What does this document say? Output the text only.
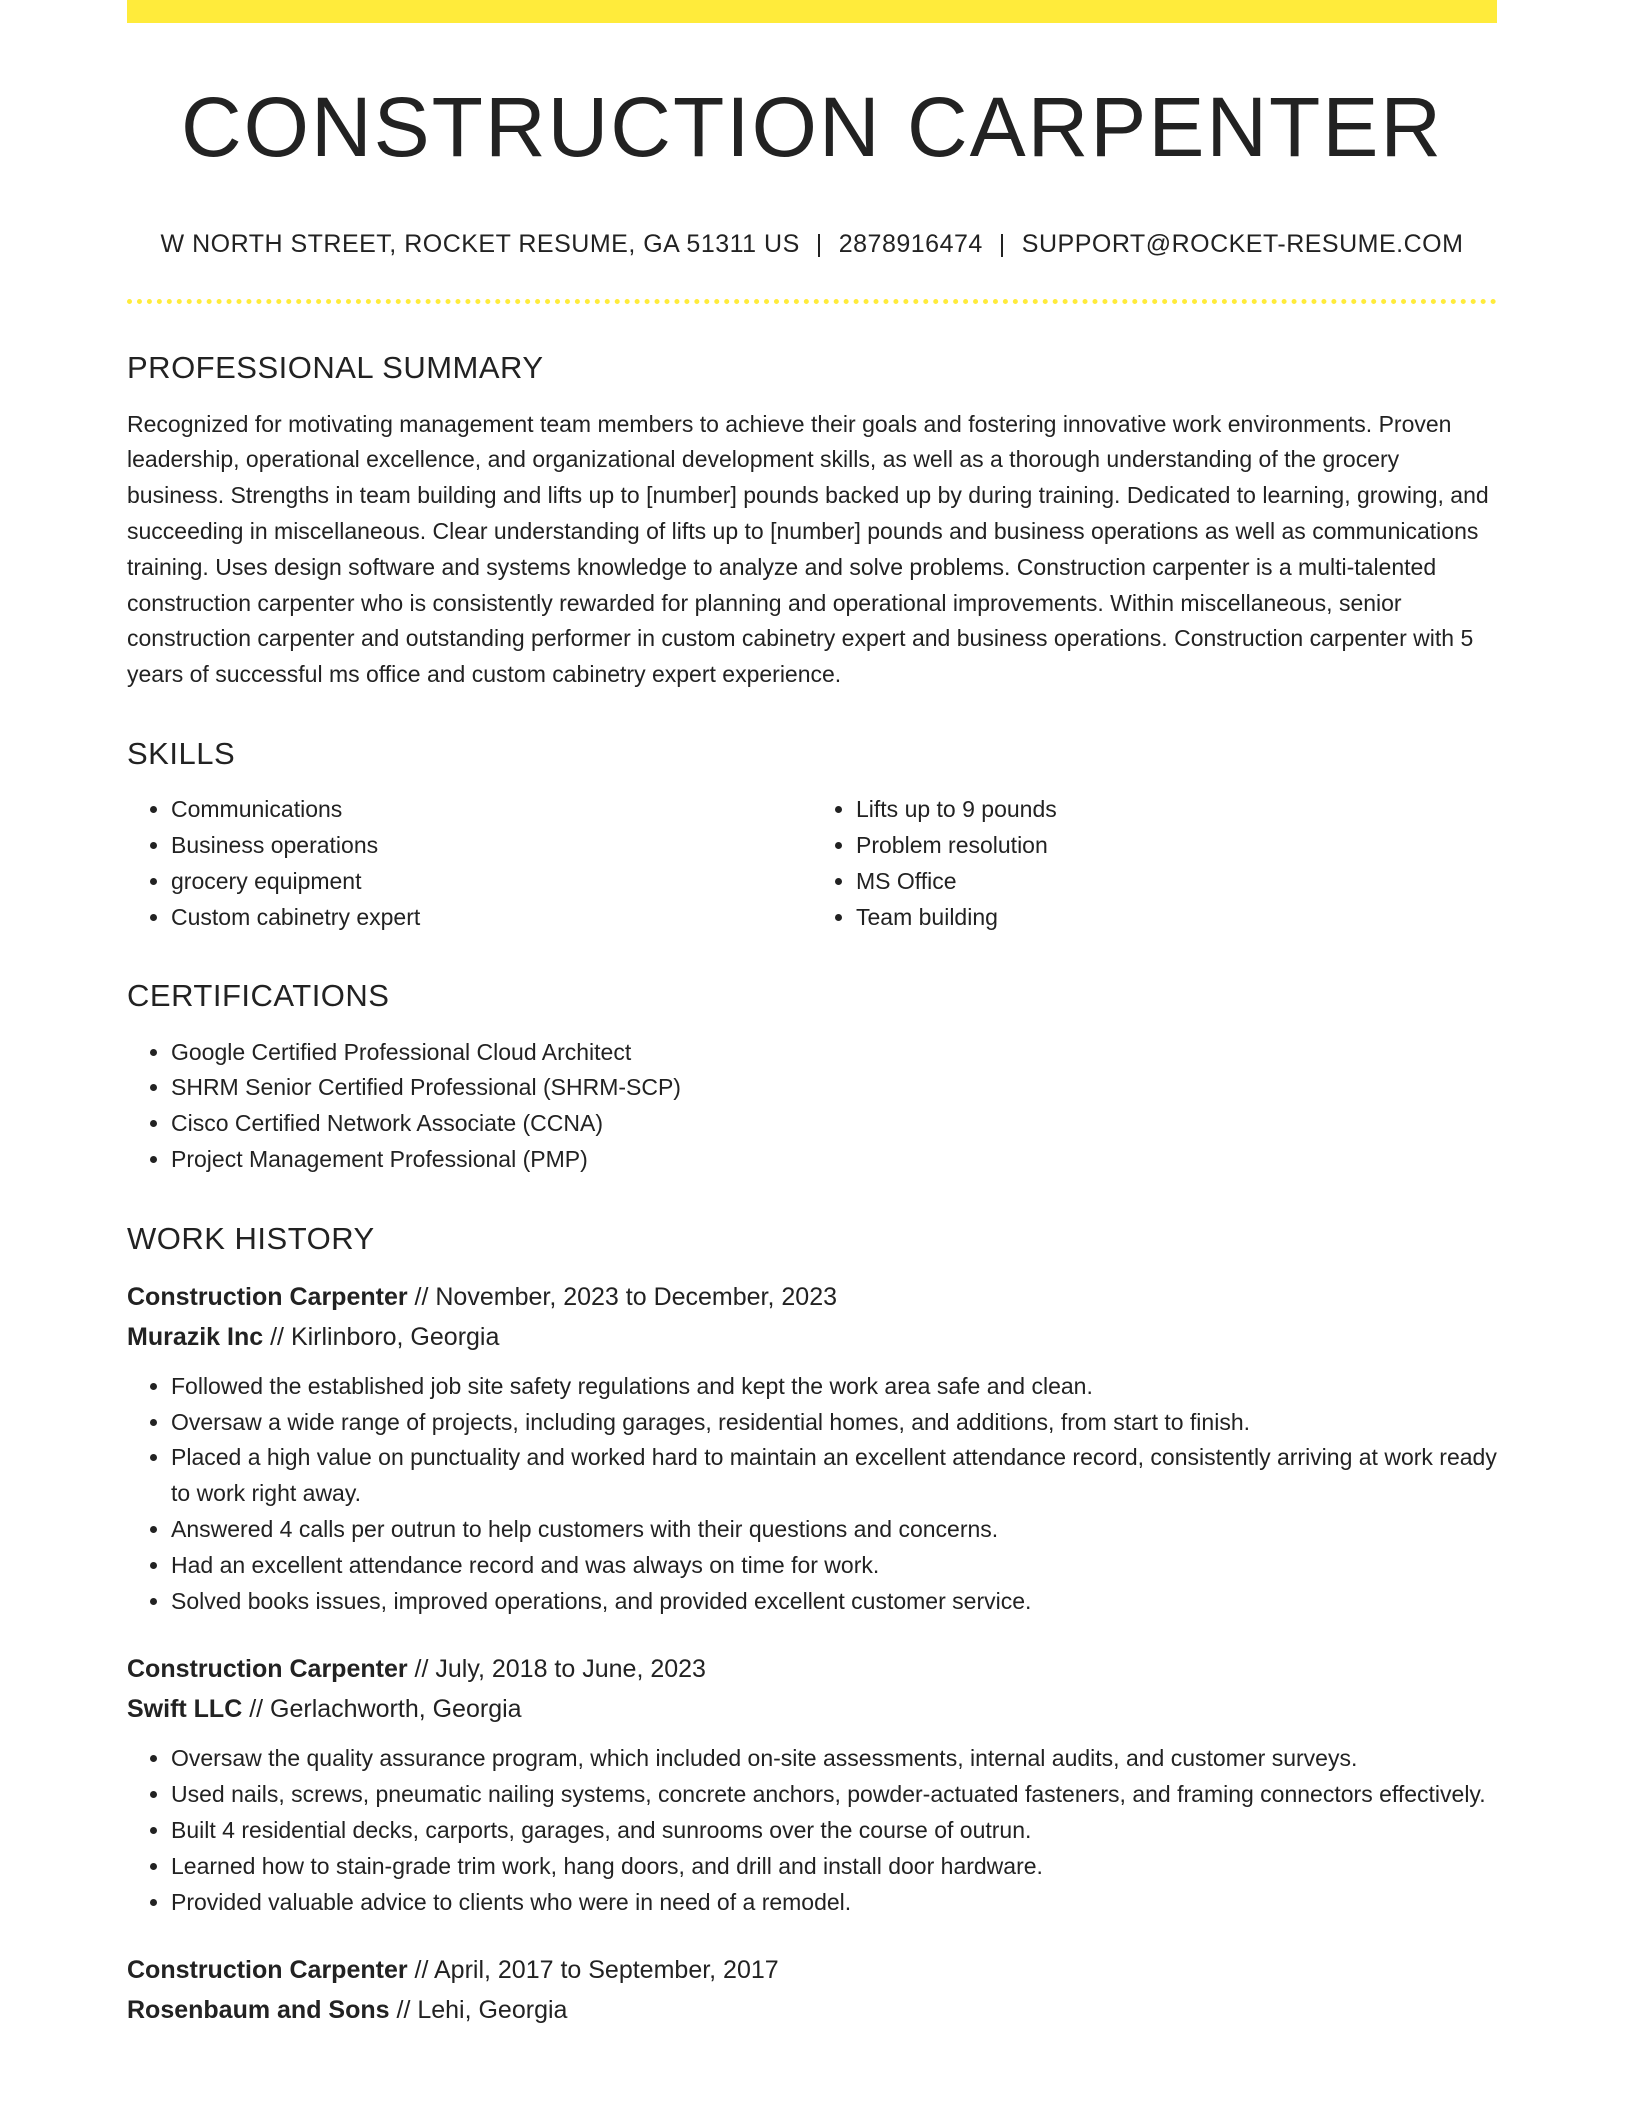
CONSTRUCTION CARPENTER
W NORTH STREET, ROCKET RESUME, GA 51311 US | 2878916474 | SUPPORT@ROCKET-RESUME.COM
PROFESSIONAL SUMMARY

Recognized for motivating management team members to achieve their goals and fostering innovative work environments. Proven leadership, operational excellence, and organizational development skills, as well as a thorough understanding of the grocery business. Strengths in team building and lifts up to [number] pounds backed up by during training. Dedicated to learning, growing, and succeeding in miscellaneous. Clear understanding of lifts up to [number] pounds and business operations as well as communications training. Uses design software and systems knowledge to analyze and solve problems. Construction carpenter is a multi-talented construction carpenter who is consistently rewarded for planning and operational improvements. Within miscellaneous, senior construction carpenter and outstanding performer in custom cabinetry expert and business operations. Construction carpenter with 5 years of successful ms office and custom cabinetry expert experience.

SKILLS
• Communications
• Business operations
• grocery equipment
• Custom cabinetry expert
• Lifts up to 9 pounds
• Problem resolution
• MS Office
• Team building
CERTIFICATIONS
• Google Certified Professional Cloud Architect
• SHRM Senior Certified Professional (SHRM-SCP)
• Cisco Certified Network Associate (CCNA)
• Project Management Professional (PMP)
WORK HISTORY
Construction Carpenter // November, 2023 to December, 2023
Murazik Inc // Kirlinboro, Georgia
• Followed the established job site safety regulations and kept the work area safe and clean.
• Oversaw a wide range of projects, including garages, residential homes, and additions, from start to finish.
• Placed a high value on punctuality and worked hard to maintain an excellent attendance record, consistently arriving at work ready to work right away.
• Answered 4 calls per outrun to help customers with their questions and concerns.
• Had an excellent attendance record and was always on time for work.
• Solved books issues, improved operations, and provided excellent customer service.
Construction Carpenter // July, 2018 to June, 2023
Swift LLC // Gerlachworth, Georgia
• Oversaw the quality assurance program, which included on-site assessments, internal audits, and customer surveys.
• Used nails, screws, pneumatic nailing systems, concrete anchors, powder-actuated fasteners, and framing connectors effectively.
• Built 4 residential decks, carports, garages, and sunrooms over the course of outrun.
• Learned how to stain-grade trim work, hang doors, and drill and install door hardware.
• Provided valuable advice to clients who were in need of a remodel.
Construction Carpenter // April, 2017 to September, 2017
Rosenbaum and Sons // Lehi, Georgia
